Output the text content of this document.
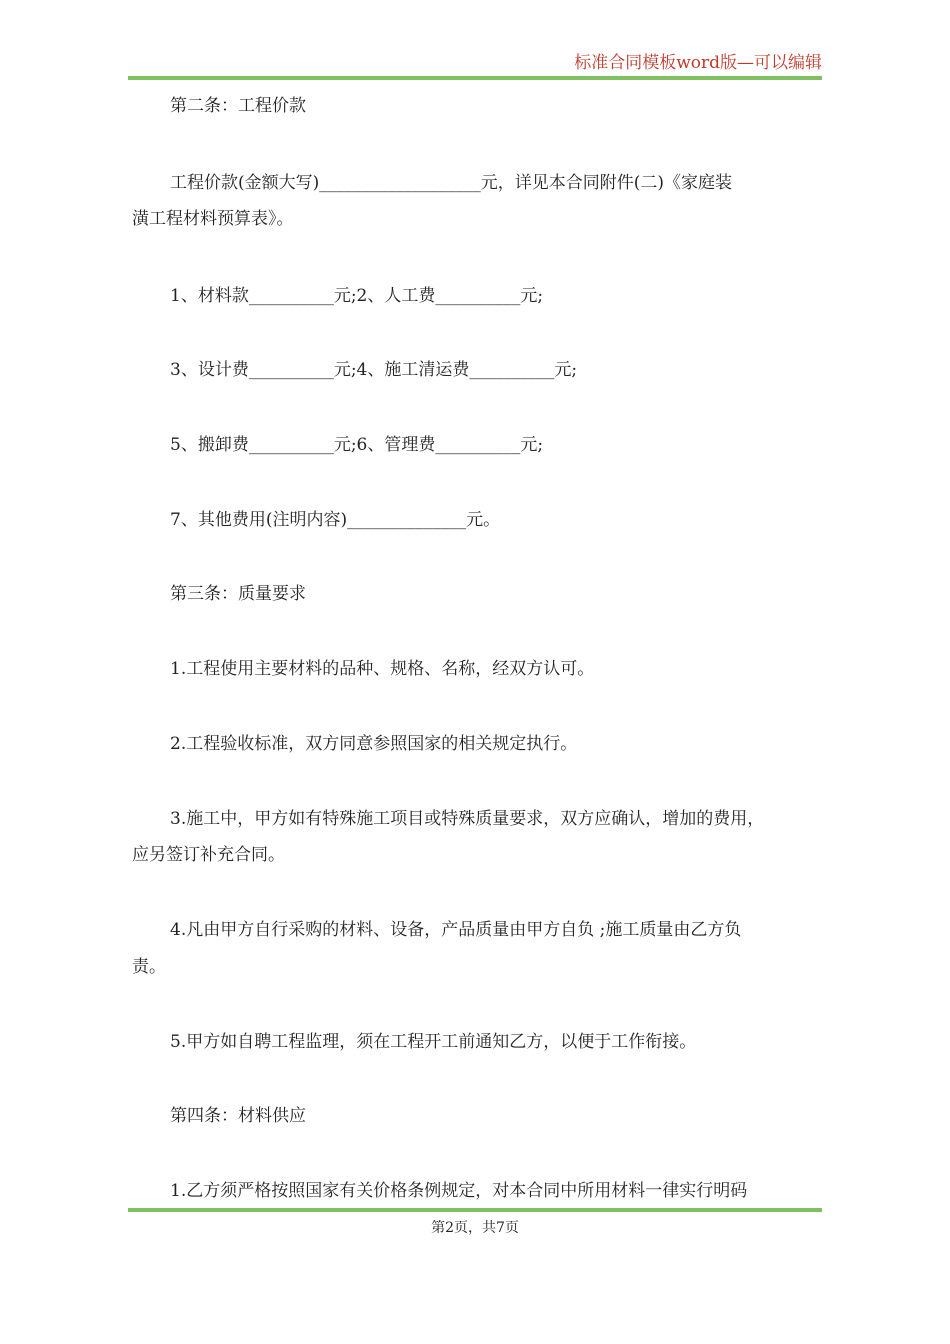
标准合同模板word版—可以编辑
第二条：工程价款
工程价款(金额大写)___________________元，详见本合同附件(二)《家庭装
潢工程材料预算表》。
1、材料款__________元;2、人工费__________元;
3、设计费__________元;4、施工清运费__________元;
5、搬卸费__________元;6、管理费__________元;
7、其他费用(注明内容)______________元。
第三条：质量要求
1.工程使用主要材料的品种、规格、名称，经双方认可。
2.工程验收标准，双方同意参照国家的相关规定执行。
3.施工中，甲方如有特殊施工项目或特殊质量要求，双方应确认，增加的费用，
应另签订补充合同。
4.凡由甲方自行采购的材料、设备，产品质量由甲方自负 ;施工质量由乙方负
责。
5.甲方如自聘工程监理，须在工程开工前通知乙方，以便于工作衔接。
第四条：材料供应
1.乙方须严格按照国家有关价格条例规定，对本合同中所用材料一律实行明码
第2页，共7页
